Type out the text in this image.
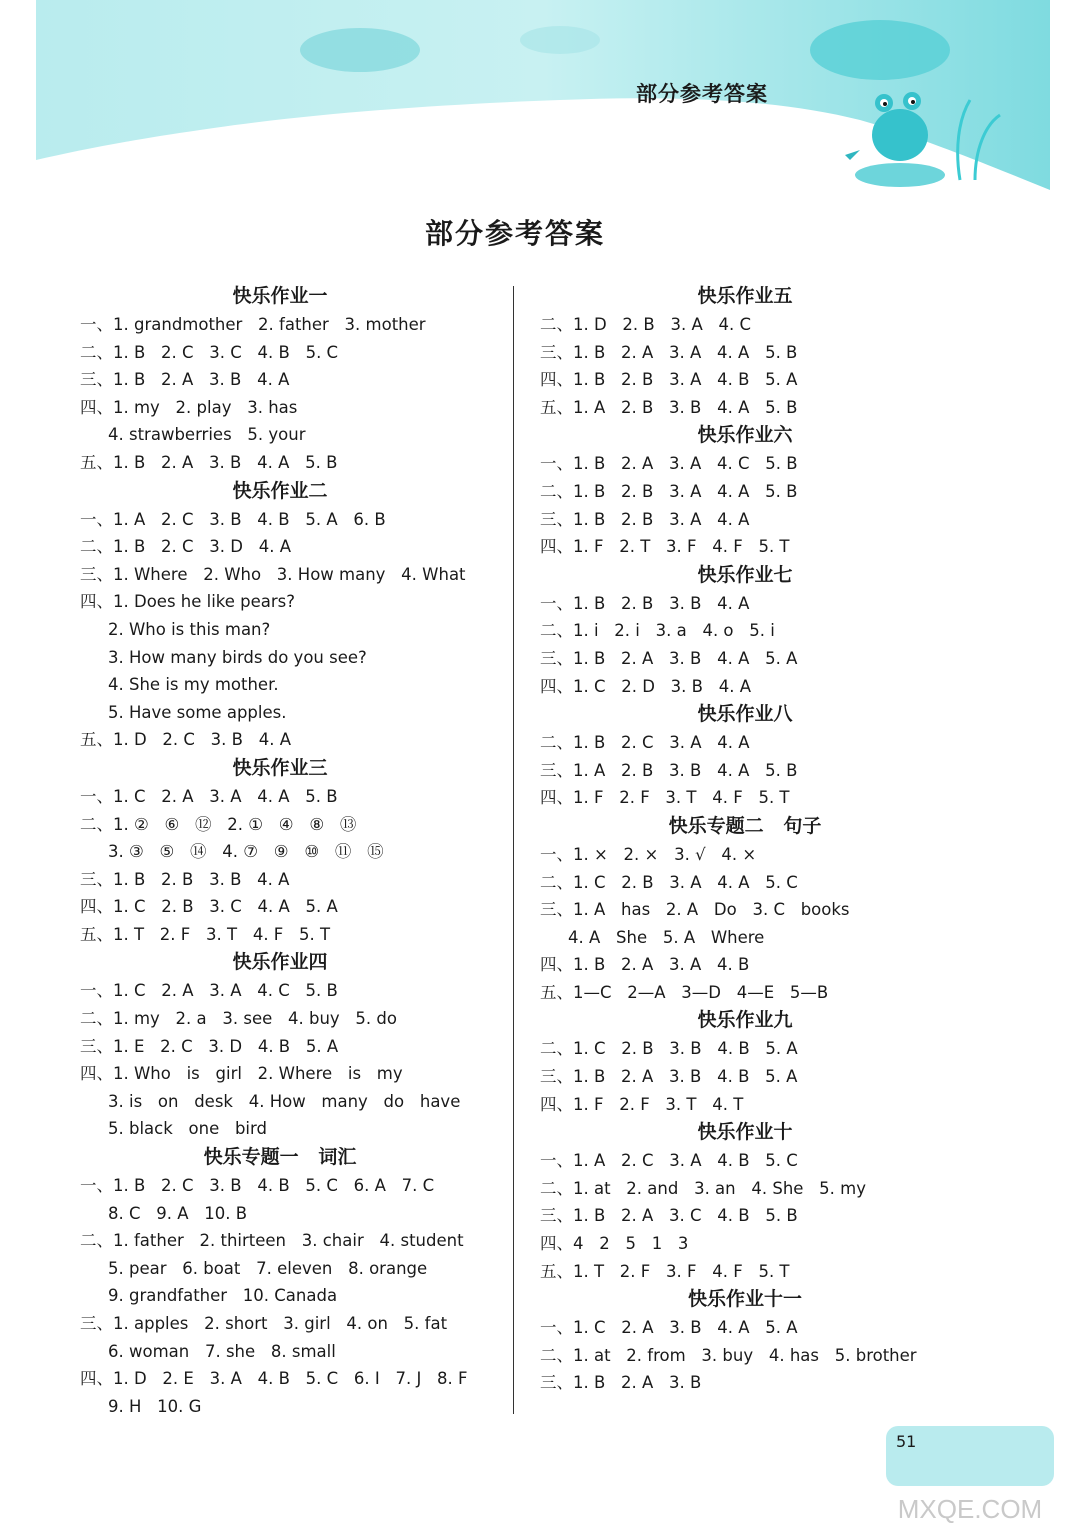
部分参考答案
部分参考答案
快乐作业一
一、1. grandmother   2. father   3. mother
二、1. B   2. C   3. C   4. B   5. C
三、1. B   2. A   3. B   4. A
四、1. my   2. play   3. has
4. strawberries   5. your
五、1. B   2. A   3. B   4. A   5. B
快乐作业二
一、1. A   2. C   3. B   4. B   5. A   6. B
二、1. B   2. C   3. D   4. A
三、1. Where   2. Who   3. How many   4. What
四、1. Does he like pears?
2. Who is this man?
3. How many birds do you see?
4. She is my mother.
5. Have some apples.
五、1. D   2. C   3. B   4. A
快乐作业三
一、1. C   2. A   3. A   4. A   5. B
二、1. ②   ⑥   ⑫   2. ①   ④   ⑧   ⑬
3. ③   ⑤   ⑭   4. ⑦   ⑨   ⑩   ⑪   ⑮
三、1. B   2. B   3. B   4. A
四、1. C   2. B   3. C   4. A   5. A
五、1. T   2. F   3. T   4. F   5. T
快乐作业四
一、1. C   2. A   3. A   4. C   5. B
二、1. my   2. a   3. see   4. buy   5. do
三、1. E   2. C   3. D   4. B   5. A
四、1. Who   is   girl   2. Where   is   my
3. is   on   desk   4. How   many   do   have
5. black   one   bird
快乐专题一   词汇
一、1. B   2. C   3. B   4. B   5. C   6. A   7. C
8. C   9. A   10. B
二、1. father   2. thirteen   3. chair   4. student
5. pear   6. boat   7. eleven   8. orange
9. grandfather   10. Canada
三、1. apples   2. short   3. girl   4. on   5. fat
6. woman   7. she   8. small
四、1. D   2. E   3. A   4. B   5. C   6. I   7. J   8. F
9. H   10. G
快乐作业五
二、1. D   2. B   3. A   4. C
三、1. B   2. A   3. A   4. A   5. B
四、1. B   2. B   3. A   4. B   5. A
五、1. A   2. B   3. B   4. A   5. B
快乐作业六
一、1. B   2. A   3. A   4. C   5. B
二、1. B   2. B   3. A   4. A   5. B
三、1. B   2. B   3. A   4. A
四、1. F   2. T   3. F   4. F   5. T
快乐作业七
一、1. B   2. B   3. B   4. A
二、1. i   2. i   3. a   4. o   5. i
三、1. B   2. A   3. B   4. A   5. A
四、1. C   2. D   3. B   4. A
快乐作业八
二、1. B   2. C   3. A   4. A
三、1. A   2. B   3. B   4. A   5. B
四、1. F   2. F   3. T   4. F   5. T
快乐专题二   句子
一、1. ×   2. ×   3. √   4. ×
二、1. C   2. B   3. A   4. A   5. C
三、1. A   has   2. A   Do   3. C   books
4. A   She   5. A   Where
四、1. B   2. A   3. A   4. B
五、1—C   2—A   3—D   4—E   5—B
快乐作业九
二、1. C   2. B   3. B   4. B   5. A
三、1. B   2. A   3. B   4. B   5. A
四、1. F   2. F   3. T   4. T
快乐作业十
一、1. A   2. C   3. A   4. B   5. C
二、1. at   2. and   3. an   4. She   5. my
三、1. B   2. A   3. C   4. B   5. B
四、4   2   5   1   3
五、1. T   2. F   3. F   4. F   5. T
快乐作业十一
一、1. C   2. A   3. B   4. A   5. A
二、1. at   2. from   3. buy   4. has   5. brother
三、1. B   2. A   3. B
MXQE.COM
51
